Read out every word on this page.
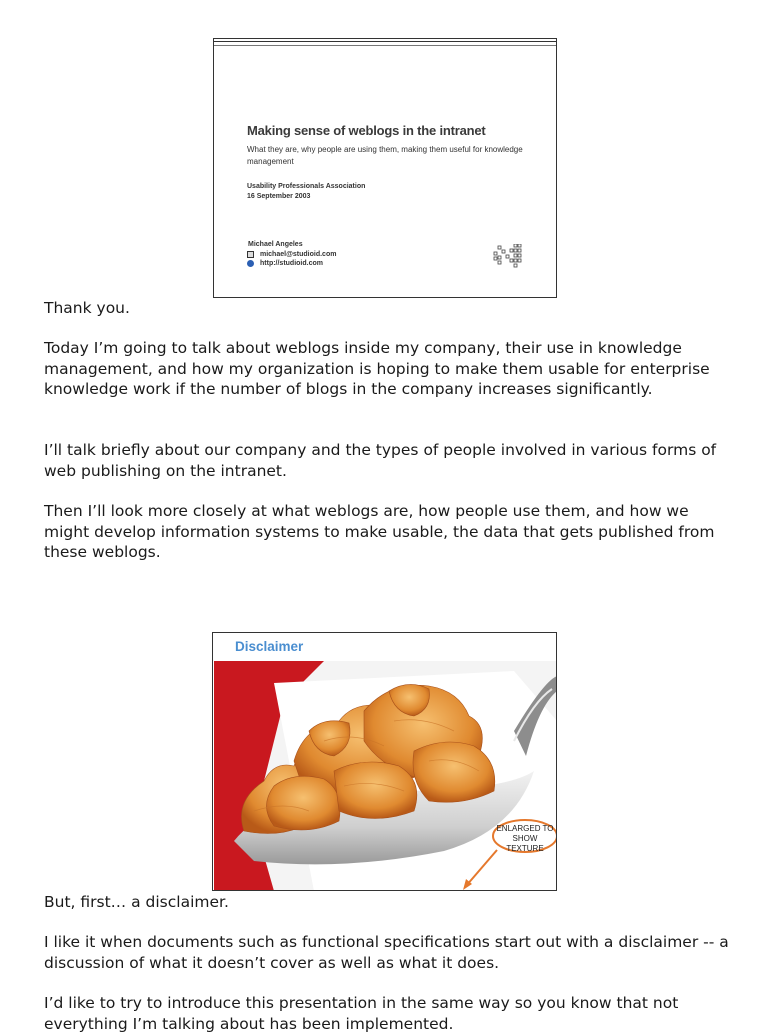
Making sense of weblogs in the intranet
What they are, why people are using them, making them useful for knowledge management
Usability Professionals Association
16 September 2003
Michael Angeles
michael@studioid.com
http://studioid.com
Thank you.
Today I’m going to talk about weblogs inside my company, their use in knowledge management, and how my organization is hoping to make them usable for enterprise knowledge work if the number of blogs in the company increases significantly.
I’ll talk briefly about our company and the types of people involved in various forms of web publishing on the intranet.
Then I’ll look more closely at what weblogs are, how people use them, and how we might develop information systems to make usable, the data that gets published from these weblogs.
Disclaimer
ENLARGED TO
SHOW TEXTURE
But, first… a disclaimer.
I like it when documents such as functional specifications start out with a disclaimer -- a discussion of what it doesn’t cover as well as what it does.
I’d like to try to introduce this presentation in the same way so you know that not everything I’m talking about has been implemented.
